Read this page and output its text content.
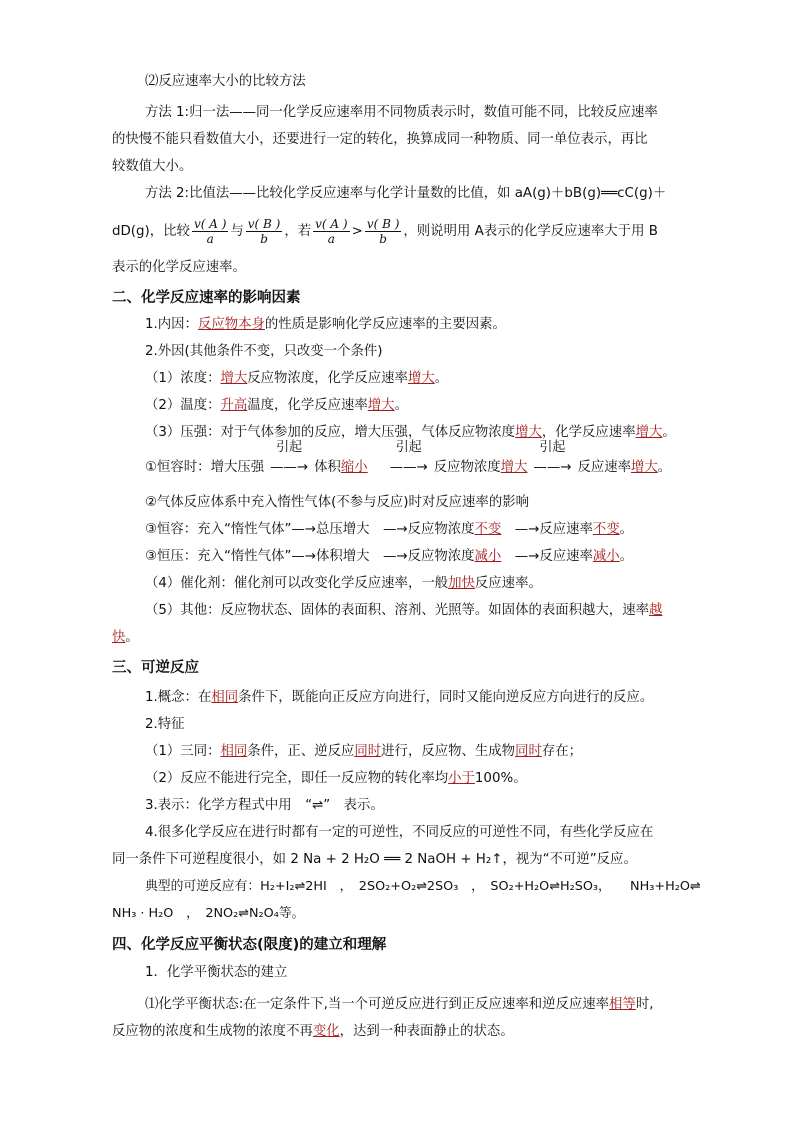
⑵反应速率大小的比较方法
方法 1:归一法——同一化学反应速率用不同物质表示时，数值可能不同，比较反应速率
的快慢不能只看数值大小，还要进行一定的转化，换算成同一种物质、同一单位表示，再比
较数值大小。
方法 2:比值法——比较化学反应速率与化学计量数的比值，如 aA(g)＋bB(g)══cC(g)＋
dD(g)，比较 $\frac{v( A )}{a}$ 与 $\frac{v( B )}{b}$ ，若 $\frac{v( A )}{a} > \frac{v( B )}{b}$ ，则说明用 A表示的化学反应速率大于用 B
表示的化学反应速率。
二、化学反应速率的影响因素
1.内因：反应物本身的性质是影响化学反应速率的主要因素。
2.外因(其他条件不变，只改变一个条件)
（1）浓度：增大反应物浓度，化学反应速率增大。
（2）温度：升高温度，化学反应速率增大。
（3）压强：对于气体参加的反应，增大压强，气体反应物浓度增大，化学反应速率增大。
①恒容时：增大压强
引起
——→ 体积缩小
引起
——→ 反应物浓度增大
引起
——→ 反应速率增大。
②气体反应体系中充入惰性气体(不参与反应)时对反应速率的影响
③恒容：充入“惰性气体”—→总压增大　—→反应物浓度不变　—→反应速率不变。
③恒压：充入“惰性气体”—→体积增大　—→反应物浓度减小　—→反应速率减小。
（4）催化剂：催化剂可以改变化学反应速率，一般加快反应速率。
（5）其他：反应物状态、固体的表面积、溶剂、光照等。如固体的表面积越大，速率越
快。
三、可逆反应
1.概念：在相同条件下，既能向正反应方向进行，同时又能向逆反应方向进行的反应。
2.特征
（1）三同：相同条件，正、逆反应同时进行，反应物、生成物同时存在；
（2）反应不能进行完全，即任一反应物的转化率均小于100%。
3.表示：化学方程式中用　“⇌”　表示。
4.很多化学反应在进行时都有一定的可逆性，不同反应的可逆性不同，有些化学反应在
同一条件下可逆程度很小，如 2 Na + 2 H₂O ══ 2 NaOH + H₂↑，视为“不可逆”反应。
典型的可逆反应有：H₂+I₂⇌2HI　，　2SO₂+O₂⇌2SO₃　，　SO₂+H₂O⇌H₂SO₃，　　NH₃+H₂O⇌
NH₃ · H₂O　，　2NO₂⇌N₂O₄等。
四、化学反应平衡状态(限度)的建立和理解
1．化学平衡状态的建立
⑴化学平衡状态:在一定条件下,当一个可逆反应进行到正反应速率和逆反应速率相等时,
反应物的浓度和生成物的浓度不再变化，达到一种表面静止的状态。
